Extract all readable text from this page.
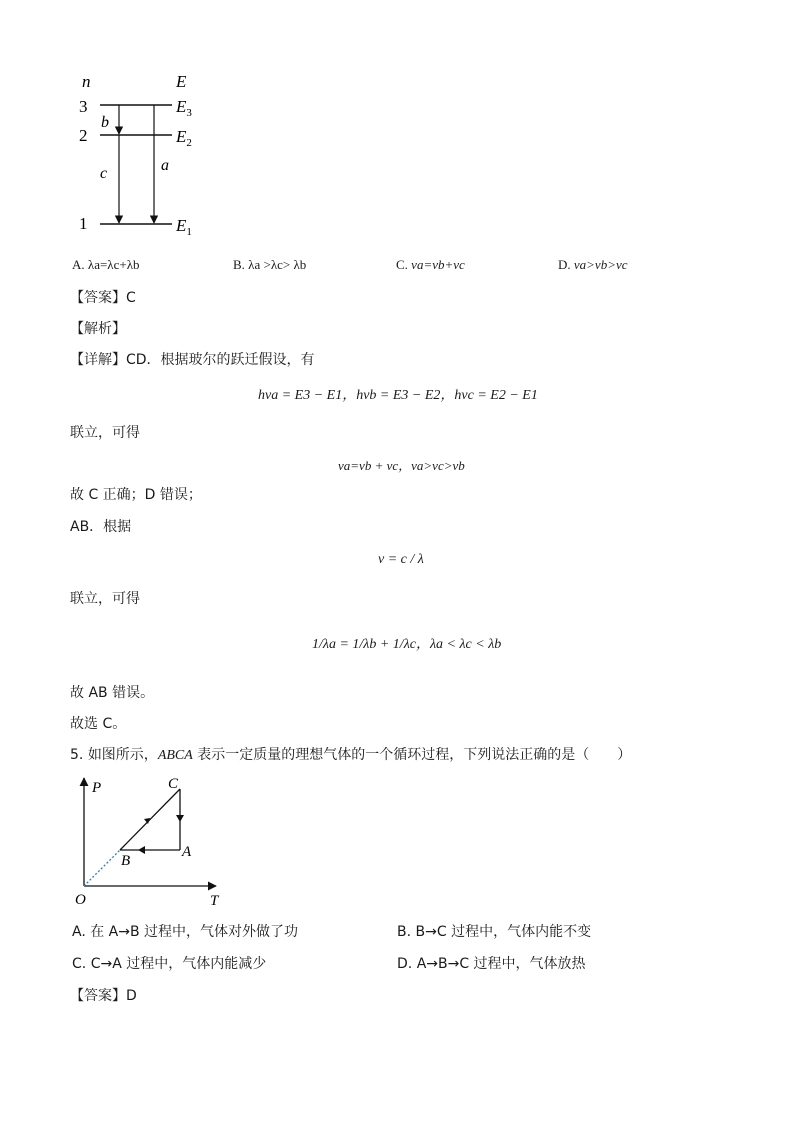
n	E
3	$E_3$
2	$E_2$
1	$E_1$
b
c	a
A. λa=λc+λb	B. λa >λc> λb	C. νa=νb+νc	D. νa>νb>νc
【答案】C
【解析】
【详解】CD．根据玻尔的跃迁假设，有
hνa = E3 − E1，hνb = E3 − E2，hνc = E2 − E1
联立，可得
νa=νb + νc，νa>νc>νb
故 C 正确；D 错误；
AB．根据
ν = c / λ
联立，可得
1/λa = 1/λb + 1/λc，λa < λc < λb
故 AB 错误。
故选 C。
5. 如图所示，ABCA 表示一定质量的理想气体的一个循环过程，下列说法正确的是（　　）
P
T
O
C
A
B
A. 在 A→B 过程中，气体对外做了功	B. B→C 过程中，气体内能不变
C. C→A 过程中，气体内能减少	D. A→B→C 过程中，气体放热
【答案】D
